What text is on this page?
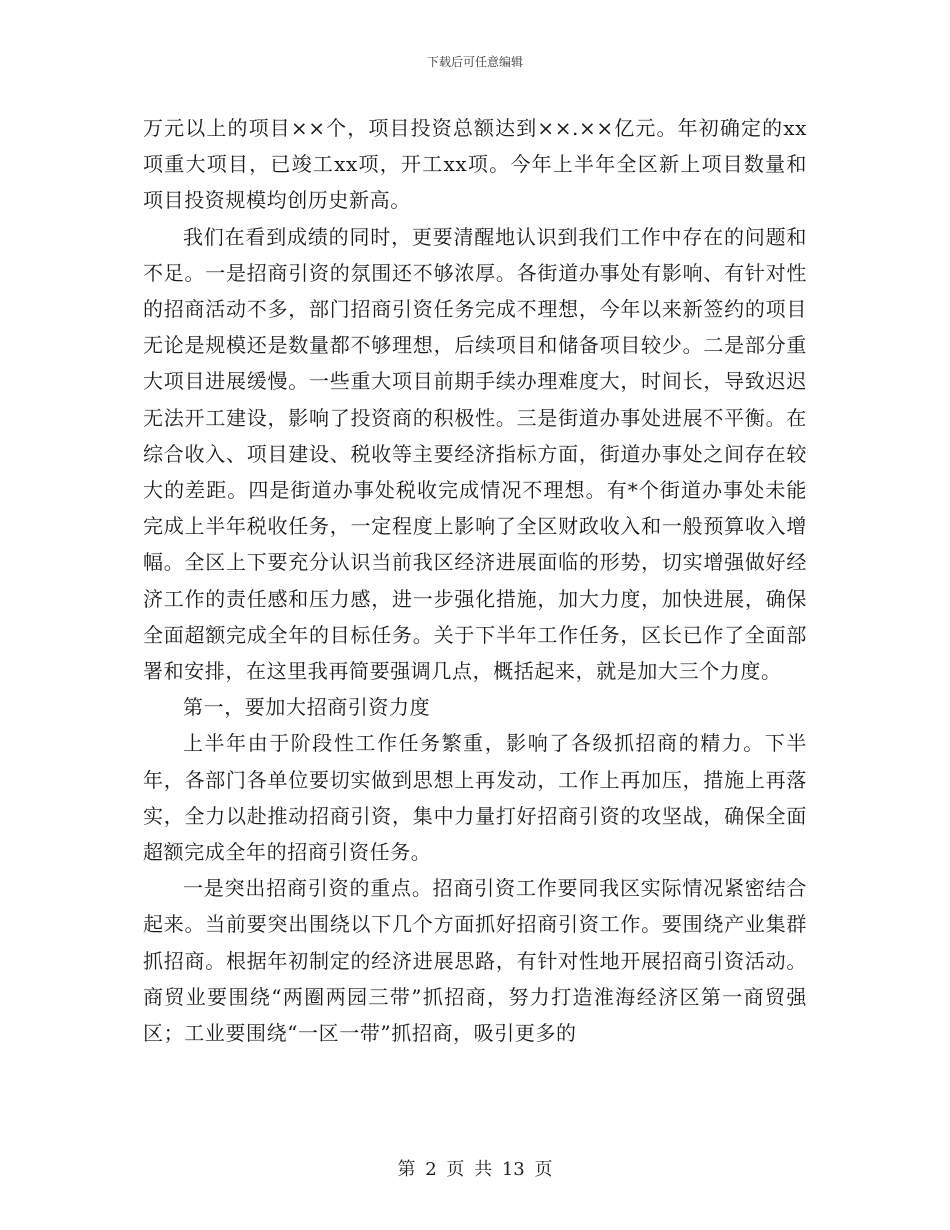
下载后可任意编辑

万元以上的项目××个，项目投资总额达到××.××亿元。年初确定的xx项重大项目，已竣工xx项，开工xx项。今年上半年全区新上项目数量和项目投资规模均创历史新高。

我们在看到成绩的同时，更要清醒地认识到我们工作中存在的问题和不足。一是招商引资的氛围还不够浓厚。各街道办事处有影响、有针对性的招商活动不多，部门招商引资任务完成不理想，今年以来新签约的项目无论是规模还是数量都不够理想，后续项目和储备项目较少。二是部分重大项目进展缓慢。一些重大项目前期手续办理难度大，时间长，导致迟迟无法开工建设，影响了投资商的积极性。三是街道办事处进展不平衡。在综合收入、项目建设、税收等主要经济指标方面，街道办事处之间存在较大的差距。四是街道办事处税收完成情况不理想。有*个街道办事处未能完成上半年税收任务，一定程度上影响了全区财政收入和一般预算收入增幅。全区上下要充分认识当前我区经济进展面临的形势，切实增强做好经济工作的责任感和压力感，进一步强化措施，加大力度，加快进展，确保全面超额完成全年的目标任务。关于下半年工作任务，区长已作了全面部署和安排，在这里我再简要强调几点，概括起来，就是加大三个力度。

第一，要加大招商引资力度

上半年由于阶段性工作任务繁重，影响了各级抓招商的精力。下半年，各部门各单位要切实做到思想上再发动，工作上再加压，措施上再落实，全力以赴推动招商引资，集中力量打好招商引资的攻坚战，确保全面超额完成全年的招商引资任务。

一是突出招商引资的重点。招商引资工作要同我区实际情况紧密结合起来。当前要突出围绕以下几个方面抓好招商引资工作。要围绕产业集群抓招商。根据年初制定的经济进展思路，有针对性地开展招商引资活动。商贸业要围绕“两圈两园三带”抓招商，努力打造淮海经济区第一商贸强区；工业要围绕“一区一带”抓招商，吸引更多的

第 2 页 共 13 页
